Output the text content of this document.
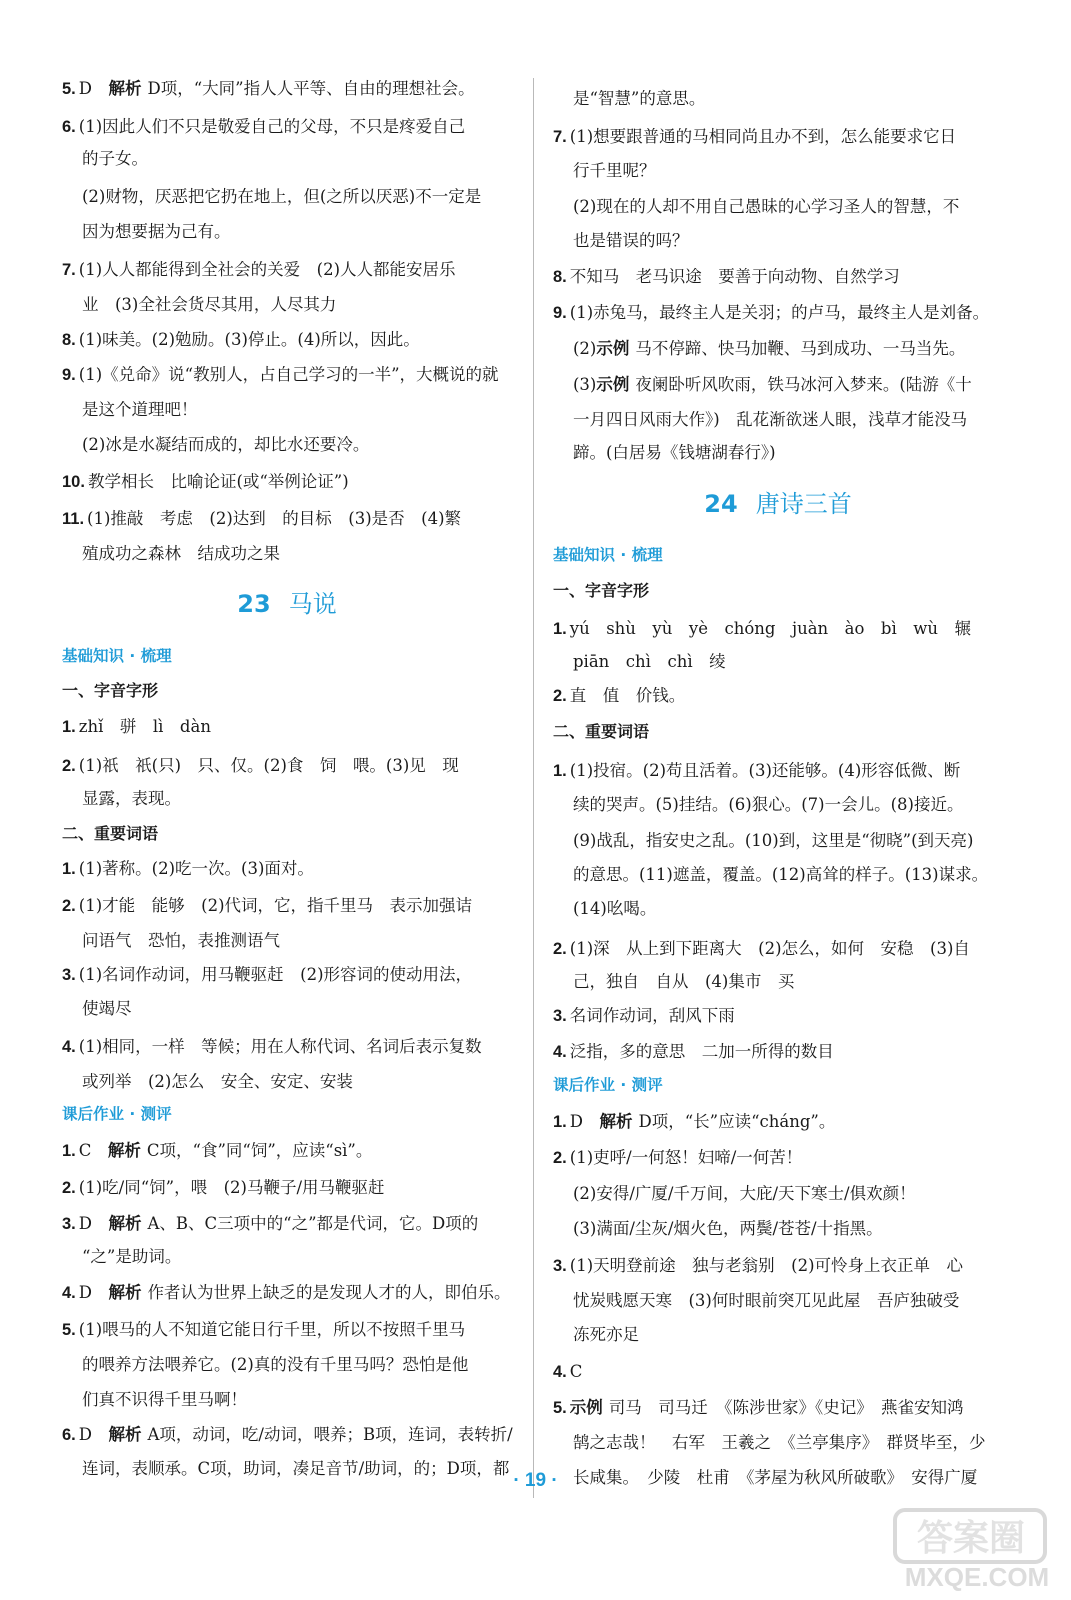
5. D　解析 D项，“大同”指人人平等、自由的理想社会。
6. (1)因此人们不只是敬爱自己的父母，不只是疼爱自己
的子女。
(2)财物，厌恶把它扔在地上，但(之所以厌恶)不一定是
因为想要据为己有。
7. (1)人人都能得到全社会的关爱　(2)人人都能安居乐
业　(3)全社会货尽其用，人尽其力
8. (1)味美。(2)勉励。(3)停止。(4)所以，因此。
9. (1)《兑命》说“教别人，占自己学习的一半”，大概说的就
是这个道理吧！
(2)冰是水凝结而成的，却比水还要冷。
10. 教学相长　比喻论证(或“举例论证”)
11. (1)推敲　考虑　(2)达到　的目标　(3)是否　(4)繁
殖成功之森林　结成功之果
23 马说
基础知识 · 梳理
一、字音字形
1. zhǐ　骈　lì　dàn
2. (1)祇　祇(只)　只、仅。(2)食　饲　喂。(3)见　现
显露，表现。
二、重要词语
1. (1)著称。(2)吃一次。(3)面对。
2. (1)才能　能够　(2)代词，它，指千里马　表示加强诘
问语气　恐怕，表推测语气
3. (1)名词作动词，用马鞭驱赶　(2)形容词的使动用法，
使竭尽
4. (1)相同，一样　等候；用在人称代词、名词后表示复数
或列举　(2)怎么　安全、安定、安装
课后作业 · 测评
1. C　解析 C项，“食”同“饲”，应读“sì”。
2. (1)吃/同“饲”，喂　(2)马鞭子/用马鞭驱赶
3. D　解析 A、B、C三项中的“之”都是代词，它。D项的
“之”是助词。
4. D　解析 作者认为世界上缺乏的是发现人才的人，即伯乐。
5. (1)喂马的人不知道它能日行千里，所以不按照千里马
的喂养方法喂养它。(2)真的没有千里马吗？恐怕是他
们真不识得千里马啊！
6. D　解析 A项，动词，吃/动词，喂养；B项，连词，表转折/
连词，表顺承。C项，助词，凑足音节/助词，的；D项，都
是“智慧”的意思。
7. (1)想要跟普通的马相同尚且办不到，怎么能要求它日
行千里呢？
(2)现在的人却不用自己愚昧的心学习圣人的智慧，不
也是错误的吗？
8. 不知马　老马识途　要善于向动物、自然学习
9. (1)赤兔马，最终主人是关羽；的卢马，最终主人是刘备。
(2)示例 马不停蹄、快马加鞭、马到成功、一马当先。
(3)示例 夜阑卧听风吹雨，铁马冰河入梦来。(陆游《十
一月四日风雨大作》)　乱花渐欲迷人眼，浅草才能没马
蹄。(白居易《钱塘湖春行》)
24 唐诗三首
基础知识 · 梳理
一、字音字形
1. yú　shù　yù　yè　chóng　juàn　ào　bì　wù　辗
piān　chì　chì　绫
2. 直　值　价钱。
二、重要词语
1. (1)投宿。(2)苟且活着。(3)还能够。(4)形容低微、断
续的哭声。(5)挂结。(6)狠心。(7)一会儿。(8)接近。
(9)战乱，指安史之乱。(10)到，这里是“彻晓”(到天亮)
的意思。(11)遮盖，覆盖。(12)高耸的样子。(13)谋求。
(14)吆喝。
2. (1)深　从上到下距离大　(2)怎么，如何　安稳　(3)自
己，独自　自从　(4)集市　买
3. 名词作动词，刮风下雨
4. 泛指，多的意思　二加一所得的数目
课后作业 · 测评
1. D　解析 D项，“长”应读“cháng”。
2. (1)吏呼/一何怒！妇啼/一何苦！
(2)安得/广厦/千万间，大庇/天下寒士/俱欢颜！
(3)满面/尘灰/烟火色，两鬓/苍苍/十指黑。
3. (1)天明登前途　独与老翁别　(2)可怜身上衣正单　心
忧炭贱愿天寒　(3)何时眼前突兀见此屋　吾庐独破受
冻死亦足
4. C
5. 示例 司马　司马迁　《陈涉世家》《史记》　燕雀安知鸿
鹄之志哉！　右军　王羲之　《兰亭集序》　群贤毕至，少
长咸集。　少陵　杜甫　《茅屋为秋风所破歌》　安得广厦
· 19 ·
答案圈
MXQE.COM
